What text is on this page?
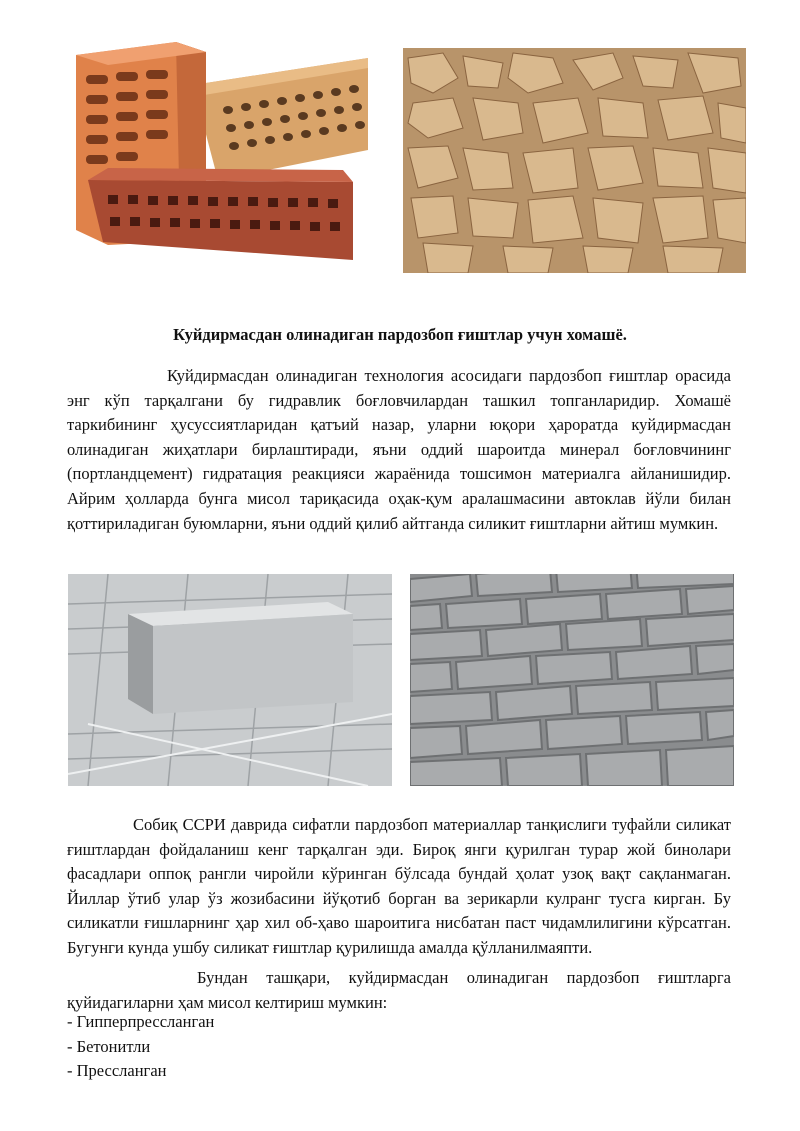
Куйдирмасдан олинадиган пардозбоп ғиштлар учун хомашё.

Куйдирмасдан олинадиган технология асосидаги пардозбоп ғиштлар орасида энг кўп тарқалгани бу гидравлик боғловчилардан ташкил топганларидир. Хомашё таркибининг ҳусуссиятларидан қатъий назар, уларни юқори ҳароратда куйдирмасдан олинадиган жиҳатлари бирлаштиради, яъни оддий шароитда минерал боғловчининг (портландцемент) гидратация реакцияси жараёнида тошсимон материалга айланишидир. Айрим ҳолларда бунга мисол тариқасида оҳак-қум аралашмасини автоклав йўли билан қоттириладиган буюмларни, яъни оддий қилиб айтганда силикит ғиштларни айтиш мумкин.

Собиқ ССРИ даврида сифатли пардозбоп материаллар танқислиги туфайли силикат ғиштлардан фойдаланиш кенг тарқалган эди. Бироқ янги қурилган турар жой бинолари фасадлари оппоқ рангли чиройли кўринган бўлсада бундай ҳолат узоқ вақт сақланмаган. Йиллар ўтиб улар ўз жозибасини йўқотиб борган ва зерикарли кулранг тусга кирган. Бу силикатли ғишларнинг ҳар хил об-ҳаво шароитига нисбатан паст чидамлилигини кўрсатган. Бугунги кунда ушбу силикат ғиштлар қурилишда амалда қўлланилмаяпти.

Бундан ташқари, куйдирмасдан олинадиган пардозбоп ғиштларга қуйидагиларни ҳам мисол келтириш мумкин:

- Гипперпрессланган
- Бетонитли
- Прессланган
